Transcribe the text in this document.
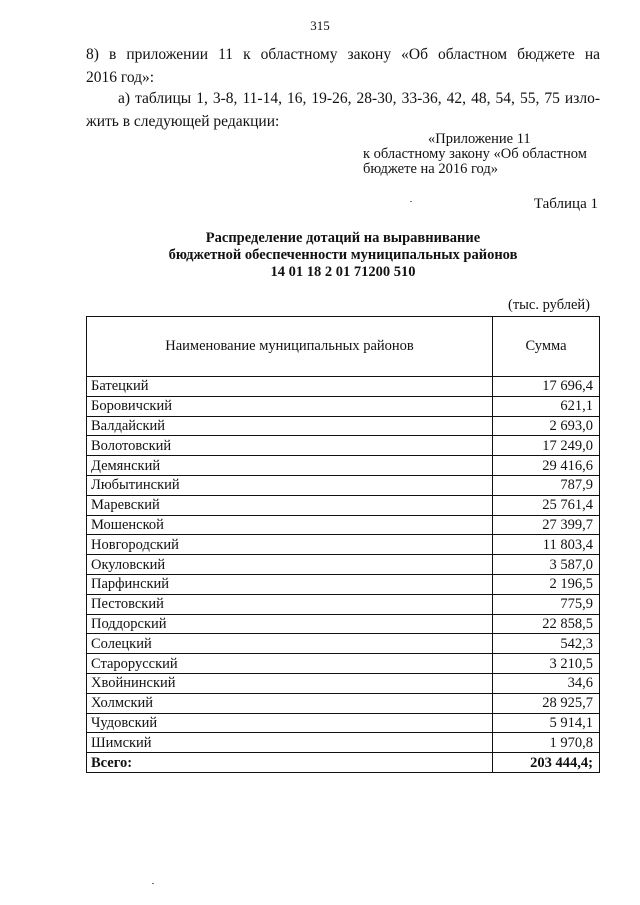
315
8) в приложении 11 к областному закону «Об областном бюджете на
2016 год»:
а) таблицы 1, 3-8, 11-14, 16, 19-26, 28-30, 33-36, 42, 48, 54, 55, 75 изло-
жить в следующей редакции:
«Приложение 11
к областному закону «Об областном
бюджете на 2016 год»
Таблица 1
Распределение дотаций на выравнивание
бюджетной обеспеченности муниципальных районов
14 01 18 2 01 71200 510
(тыс. рублей)
Наименование муниципальных районов	Сумма
Батецкий	17 696,4
Боровичский	621,1
Валдайский	2 693,0
Волотовский	17 249,0
Демянский	29 416,6
Любытинский	787,9
Маревский	25 761,4
Мошенской	27 399,7
Новгородский	11 803,4
Окуловский	3 587,0
Парфинский	2 196,5
Пестовский	775,9
Поддорский	22 858,5
Солецкий	542,3
Старорусский	3 210,5
Хвойнинский	34,6
Холмский	28 925,7
Чудовский	5 914,1
Шимский	1 970,8
Всего:	203 444,4;
